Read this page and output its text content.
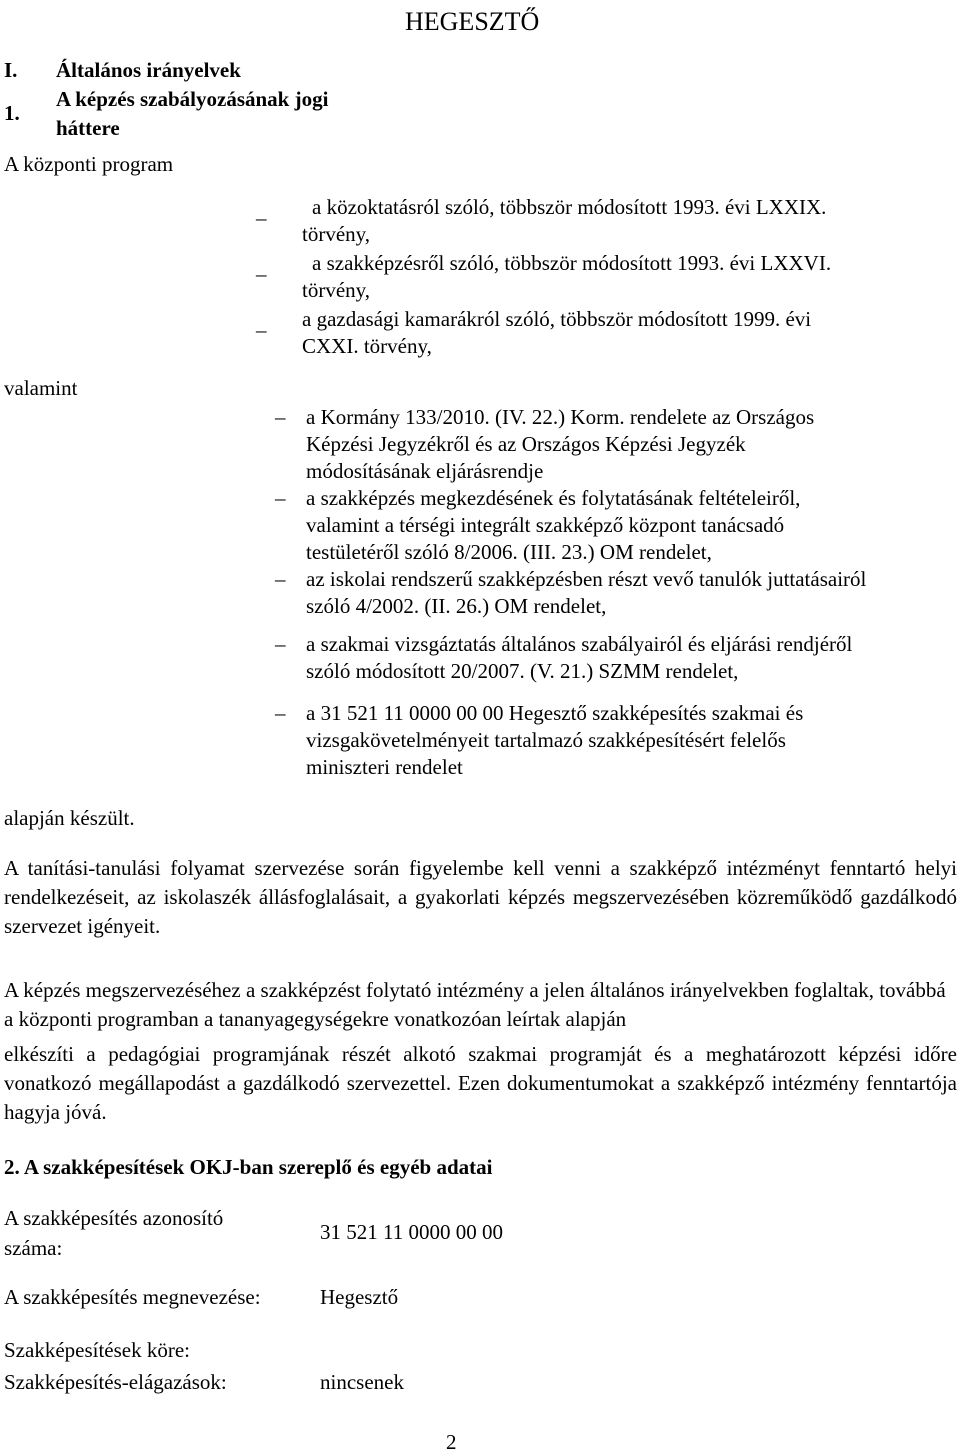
HEGESZTŐ
I. Általános irányelvek
1.
A képzés szabályozásának jogi
háttere
A központi program
_ a közoktatásról szóló, többször módosított 1993. évi LXXIX.
törvény,
_ a szakképzésről szóló, többször módosított 1993. évi LXXVI.
törvény,
_ a gazdasági kamarákról szóló, többször módosított 1999. évi
CXXI. törvény,
valamint
– a Kormány 133/2010. (IV. 22.) Korm. rendelete az Országos
Képzési Jegyzékről és az Országos Képzési Jegyzék
módosításának eljárásrendje
– a szakképzés megkezdésének és folytatásának feltételeiről,
valamint a térségi integrált szakképző központ tanácsadó
testületéről szóló 8/2006. (III. 23.) OM rendelet,
– az iskolai rendszerű szakképzésben részt vevő tanulók juttatásairól
szóló 4/2002. (II. 26.) OM rendelet,
– a szakmai vizsgáztatás általános szabályairól és eljárási rendjéről
szóló módosított 20/2007. (V. 21.) SZMM rendelet,
– a 31 521 11 0000 00 00 Hegesztő szakképesítés szakmai és
vizsgakövetelményeit tartalmazó szakképesítésért felelős
miniszteri rendelet
alapján készült.
A tanítási-tanulási folyamat szervezése során figyelembe kell venni a szakképző intézményt fenntartó helyi rendelkezéseit, az iskolaszék állásfoglalásait, a gyakorlati képzés megszervezésében közreműködő gazdálkodó szervezet igényeit.
A képzés megszervezéséhez a szakképzést folytató intézmény a jelen általános irányelvekben foglaltak, továbbá a központi programban a tananyagegységekre vonatkozóan leírtak alapján
elkészíti a pedagógiai programjának részét alkotó szakmai programját és a meghatározott képzési időre vonatkozó megállapodást a gazdálkodó szervezettel. Ezen dokumentumokat a szakképző intézmény fenntartója hagyja jóvá.
2. A szakképesítések OKJ-ban szereplő és egyéb adatai
A szakképesítés azonosító
száma:
31 521 11 0000 00 00
A szakképesítés megnevezése:	Hegesztő
Szakképesítések köre:
Szakképesítés-elágazások:	nincsenek
2
